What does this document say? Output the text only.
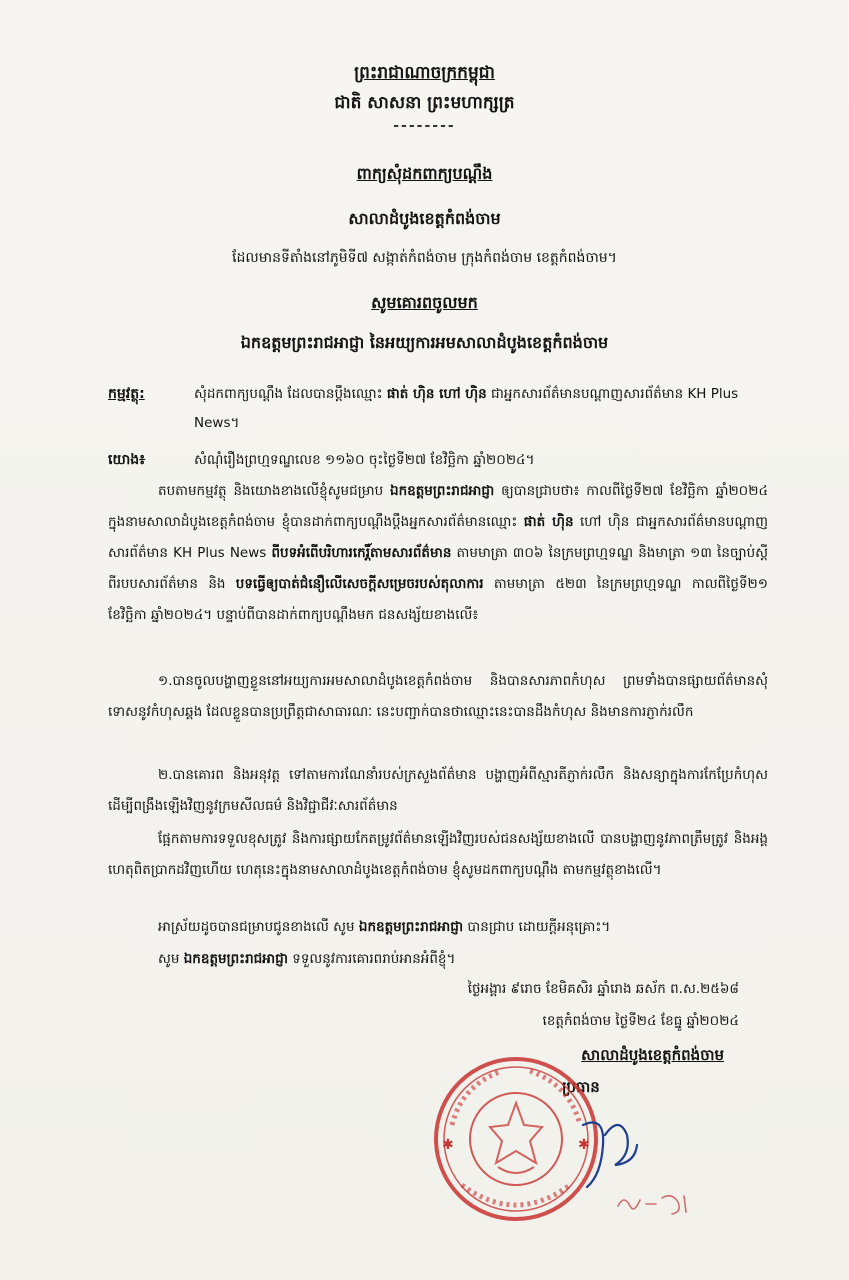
ព្រះរាជាណាចក្រកម្ពុជា
ជាតិ សាសនា ព្រះមហាក្សត្រ
--------
ពាក្យសុំដកពាក្យបណ្ដឹង
សាលាដំបូងខេត្តកំពង់ចាម
ដែលមានទីតាំងនៅភូមិទី៧ សង្កាត់កំពង់ចាម ក្រុងកំពង់ចាម ខេត្តកំពង់ចាម។
សូមគោរពចូលមក
ឯកឧត្តមព្រះរាជអាជ្ញា នៃអយ្យការអមសាលាដំបូងខេត្តកំពង់ចាម
កម្មវត្ថុ:	សុំដកពាក្យបណ្ដឹង ដែលបានប្ដឹងឈ្មោះ ផាត់ ហ៊ិន ហៅ ហ៊ិន ជាអ្នកសារព័ត៌មានបណ្ដាញសារព័ត៌មាន KH Plus News។
យោង៖	សំណុំរឿងព្រហ្មទណ្ឌលេខ ១១៦០ ចុះថ្ងៃទី២៧ ខែវិច្ឆិកា ឆ្នាំ២០២៤។
តបតាមកម្មវត្ថុ និងយោងខាងលើខ្ញុំសូមជម្រាប ឯកឧត្តមព្រះរាជអាជ្ញា ឲ្យបានជ្រាបថា៖ កាលពីថ្ងៃទី២៧ ខែវិច្ឆិកា ឆ្នាំ២០២៤ ក្នុងនាមសាលាដំបូងខេត្តកំពង់ចាម ខ្ញុំបានដាក់ពាក្យបណ្ដឹងប្ដឹងអ្នកសារព័ត៌មានឈ្មោះ ផាត់ ហ៊ិន ហៅ ហ៊ិន ជាអ្នកសារព័ត៌មានបណ្ដាញសារព័ត៌មាន KH Plus News ពីបទអំពើបរិហារកេរ្តិ៍តាមសារព័ត៌មាន តាមមាត្រា ៣០៦ នៃក្រមព្រហ្មទណ្ឌ និងមាត្រា ១៣ នៃច្បាប់ស្ដីពីរបបសារព័ត៌មាន និង បទធ្វើឲ្យបាត់ជំនឿលើសេចក្ដីសម្រេចរបស់តុលាការ តាមមាត្រា ៥២៣ នៃក្រមព្រហ្មទណ្ឌ កាលពីថ្ងៃទី២១ ខែវិច្ឆិកា ឆ្នាំ២០២៤។ បន្ទាប់ពីបានដាក់ពាក្យបណ្ដឹងមក ជនសង្ស័យខាងលើ៖
១.បានចូលបង្ហាញខ្លួននៅអយ្យការអមសាលាដំបូងខេត្តកំពង់ចាម និងបានសារភាពកំហុស ព្រមទាំងបានផ្សាយព័ត៌មានសុំទោសនូវកំហុសឆ្គង ដែលខ្លួនបានប្រព្រឹត្តជាសាធារណៈ នេះបញ្ជាក់បានថាឈ្មោះនេះបានដឹងកំហុស និងមានការភ្ញាក់រលឹក
២.បានគោរព និងអនុវត្ត ទៅតាមការណែនាំរបស់ក្រសួងព័ត៌មាន បង្ហាញអំពីស្មារតីភ្ញាក់រលឹក និងសន្យាក្នុងការកែប្រែកំហុស ដើម្បីពង្រឹងឡើងវិញនូវក្រមសីលធម៌ និងវិជ្ជាជីវៈសារព័ត៌មាន
ផ្អែកតាមការទទួលខុសត្រូវ និងការផ្សាយកែតម្រូវព័ត៌មានឡើងវិញរបស់ជនសង្ស័យខាងលើ បានបង្ហាញនូវភាពត្រឹមត្រូវ និងអង្គហេតុពិតប្រាកដវិញហើយ ហេតុនេះក្នុងនាមសាលាដំបូងខេត្តកំពង់ចាម ខ្ញុំសូមដកពាក្យបណ្ដឹង តាមកម្មវត្ថុខាងលើ។
អាស្រ័យដូចបានជម្រាបជូនខាងលើ សូម ឯកឧត្តមព្រះរាជអាជ្ញា បានជ្រាប ដោយក្ដីអនុគ្រោះ។
សូម ឯកឧត្តមព្រះរាជអាជ្ញា ទទួលនូវការគោរពរាប់អានអំពីខ្ញុំ។
ថ្ងៃអង្គារ ៩រោច ខែមិគសិរ ឆ្នាំរោង ឆស័ក ព.ស.២៥៦៨
ខេត្តកំពង់ចាម ថ្ងៃទី២៤ ខែធ្នូ ឆ្នាំ២០២៤
សាលាដំបូងខេត្តកំពង់ចាម
ប្រធាន
✱	✱
